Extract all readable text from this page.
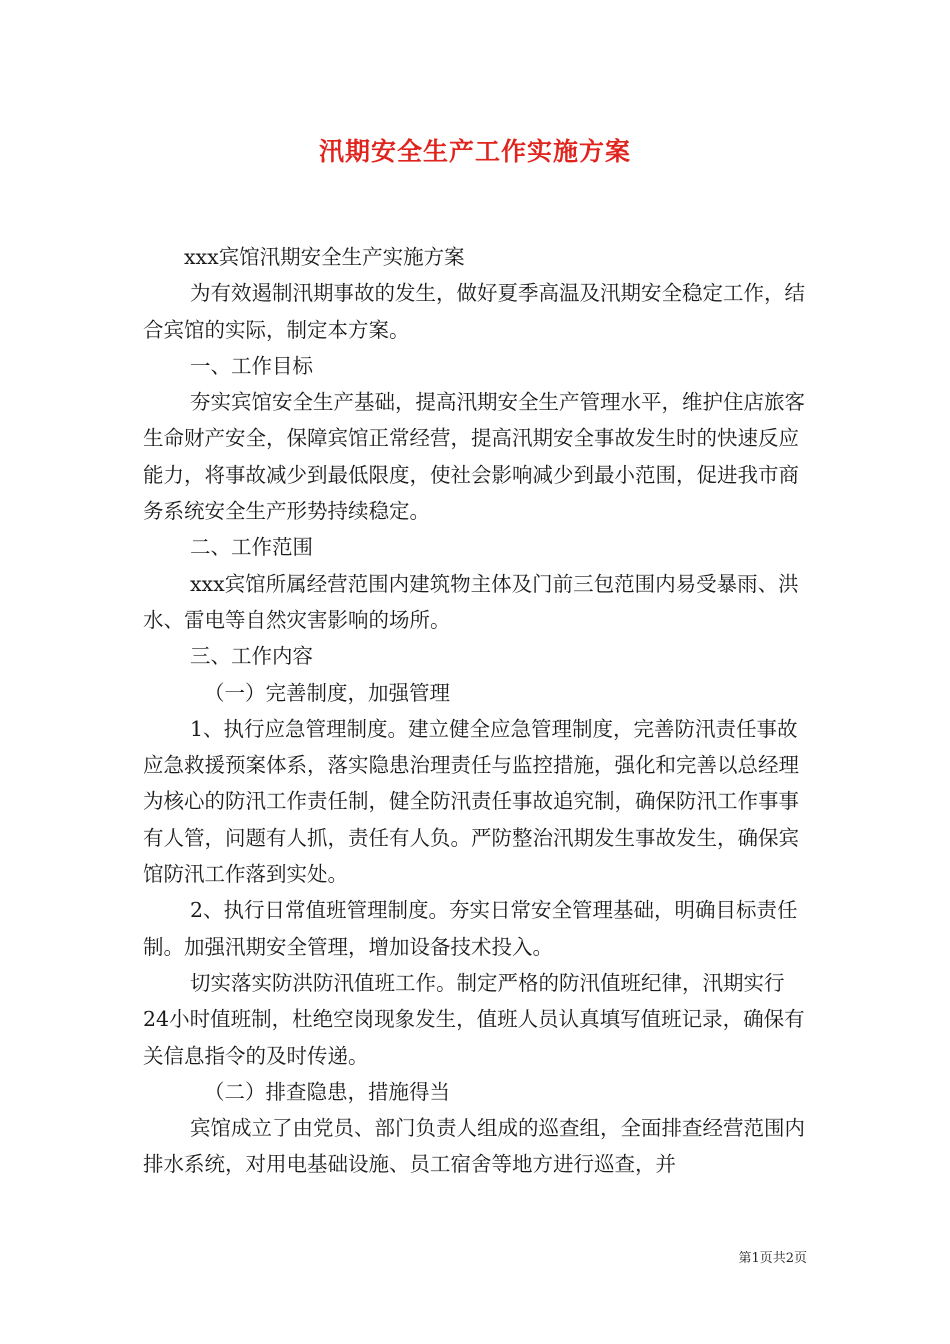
汛期安全生产工作实施方案

xxx宾馆汛期安全生产实施方案

为有效遏制汛期事故的发生，做好夏季高温及汛期安全稳定工作，结合宾馆的实际，制定本方案。

一、工作目标

夯实宾馆安全生产基础，提高汛期安全生产管理水平，维护住店旅客生命财产安全，保障宾馆正常经营，提高汛期安全事故发生时的快速反应能力，将事故减少到最低限度，使社会影响减少到最小范围，促进我市商务系统安全生产形势持续稳定。

二、工作范围

xxx宾馆所属经营范围内建筑物主体及门前三包范围内易受暴雨、洪水、雷电等自然灾害影响的场所。

三、工作内容

（一）完善制度，加强管理

1、执行应急管理制度。建立健全应急管理制度，完善防汛责任事故应急救援预案体系，落实隐患治理责任与监控措施，强化和完善以总经理为核心的防汛工作责任制，健全防汛责任事故追究制，确保防汛工作事事有人管，问题有人抓，责任有人负。严防整治汛期发生事故发生，确保宾馆防汛工作落到实处。

2、执行日常值班管理制度。夯实日常安全管理基础，明确目标责任制。加强汛期安全管理，增加设备技术投入。

切实落实防洪防汛值班工作。制定严格的防汛值班纪律，汛期实行24小时值班制，杜绝空岗现象发生，值班人员认真填写值班记录，确保有关信息指令的及时传递。

（二）排查隐患，措施得当

宾馆成立了由党员、部门负责人组成的巡查组，全面排查经营范围内排水系统，对用电基础设施、员工宿舍等地方进行巡查，并

第1页共2页
